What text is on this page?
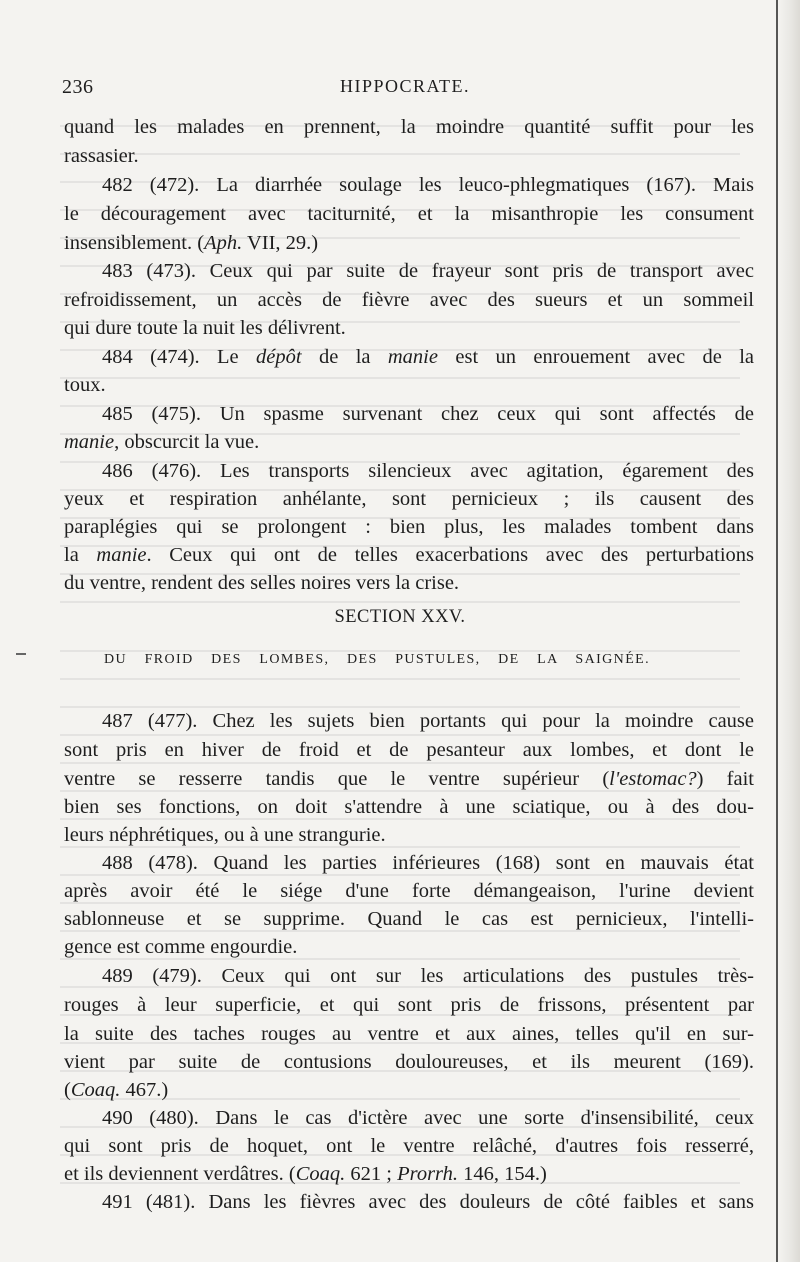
236	HIPPOCRATE.
quand les malades en prennent, la moindre quantité suffit pour les
rassasier.
482 (472). La diarrhée soulage les leuco-phlegmatiques (167). Mais
le découragement avec taciturnité, et la misanthropie les consument
insensiblement. (Aph. VII, 29.)
483 (473). Ceux qui par suite de frayeur sont pris de transport avec
refroidissement, un accès de fièvre avec des sueurs et un sommeil
qui dure toute la nuit les délivrent.
484 (474). Le dépôt de la manie est un enrouement avec de la
toux.
485 (475). Un spasme survenant chez ceux qui sont affectés de
manie, obscurcit la vue.
486 (476). Les transports silencieux avec agitation, égarement des
yeux et respiration anhélante, sont pernicieux ; ils causent des
paraplégies qui se prolongent : bien plus, les malades tombent dans
la manie. Ceux qui ont de telles exacerbations avec des perturbations
du ventre, rendent des selles noires vers la crise.
SECTION XXV.
DU FROID DES LOMBES, DES PUSTULES, DE LA SAIGNÉE.
487 (477). Chez les sujets bien portants qui pour la moindre cause
sont pris en hiver de froid et de pesanteur aux lombes, et dont le
ventre se resserre tandis que le ventre supérieur (l'estomac?) fait
bien ses fonctions, on doit s'attendre à une sciatique, ou à des dou-
leurs néphrétiques, ou à une strangurie.
488 (478). Quand les parties inférieures (168) sont en mauvais état
après avoir été le siége d'une forte démangeaison, l'urine devient
sablonneuse et se supprime. Quand le cas est pernicieux, l'intelli-
gence est comme engourdie.
489 (479). Ceux qui ont sur les articulations des pustules très-
rouges à leur superficie, et qui sont pris de frissons, présentent par
la suite des taches rouges au ventre et aux aines, telles qu'il en sur-
vient par suite de contusions douloureuses, et ils meurent (169).
(Coaq. 467.)
490 (480). Dans le cas d'ictère avec une sorte d'insensibilité, ceux
qui sont pris de hoquet, ont le ventre relâché, d'autres fois resserré,
et ils deviennent verdâtres. (Coaq. 621 ; Prorrh. 146, 154.)
491 (481). Dans les fièvres avec des douleurs de côté faibles et sans
